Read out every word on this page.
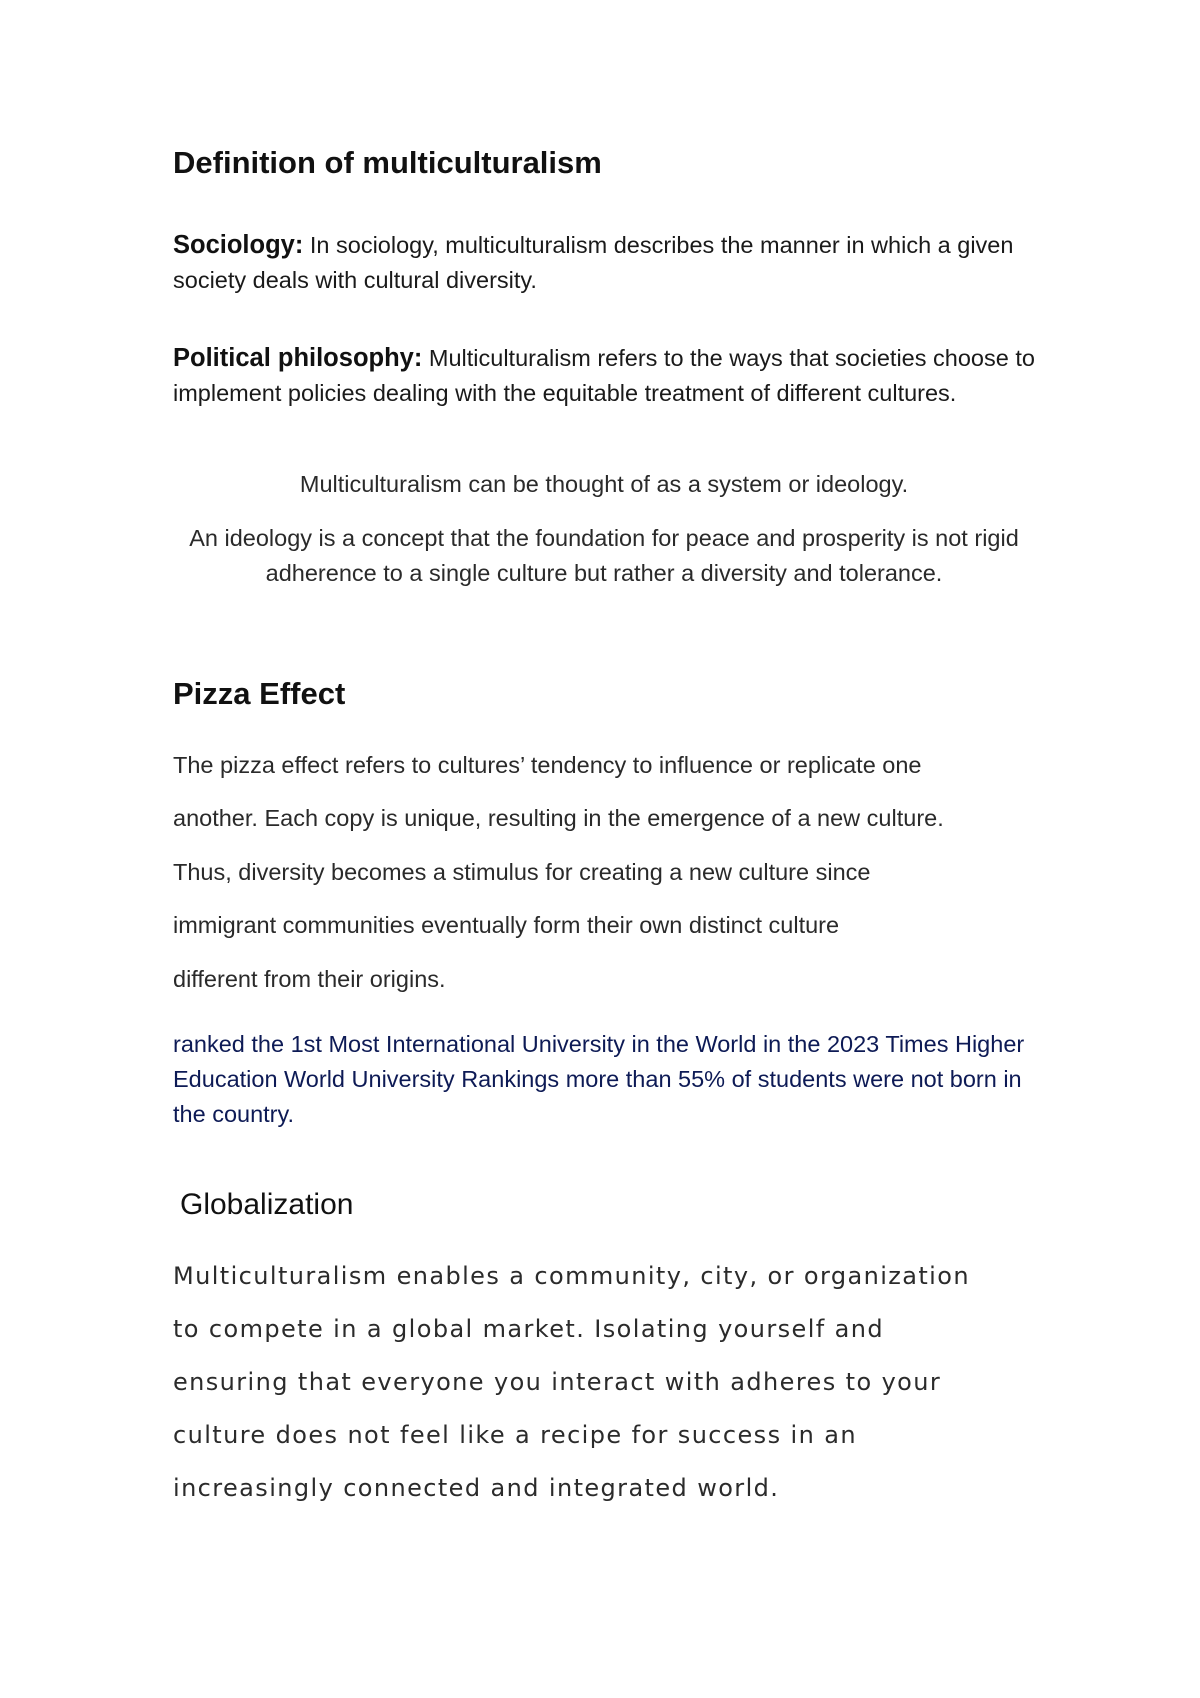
Definition of multiculturalism

Sociology: In sociology, multiculturalism describes the manner in which a given society deals with cultural diversity.

Political philosophy: Multiculturalism refers to the ways that societies choose to implement policies dealing with the equitable treatment of different cultures.

Multiculturalism can be thought of as a system or ideology.

An ideology is a concept that the foundation for peace and prosperity is not rigid adherence to a single culture but rather a diversity and tolerance.

Pizza Effect

The pizza effect refers to cultures’ tendency to influence or replicate one

another. Each copy is unique, resulting in the emergence of a new culture.

Thus, diversity becomes a stimulus for creating a new culture since

immigrant communities eventually form their own distinct culture

different from their origins.

ranked the 1st Most International University in the World in the 2023 Times Higher Education World University Rankings more than 55% of students were not born in the country.

Globalization

Multiculturalism enables a community, city, or organization

to compete in a global market. Isolating yourself and

ensuring that everyone you interact with adheres to your

culture does not feel like a recipe for success in an

increasingly connected and integrated world.
